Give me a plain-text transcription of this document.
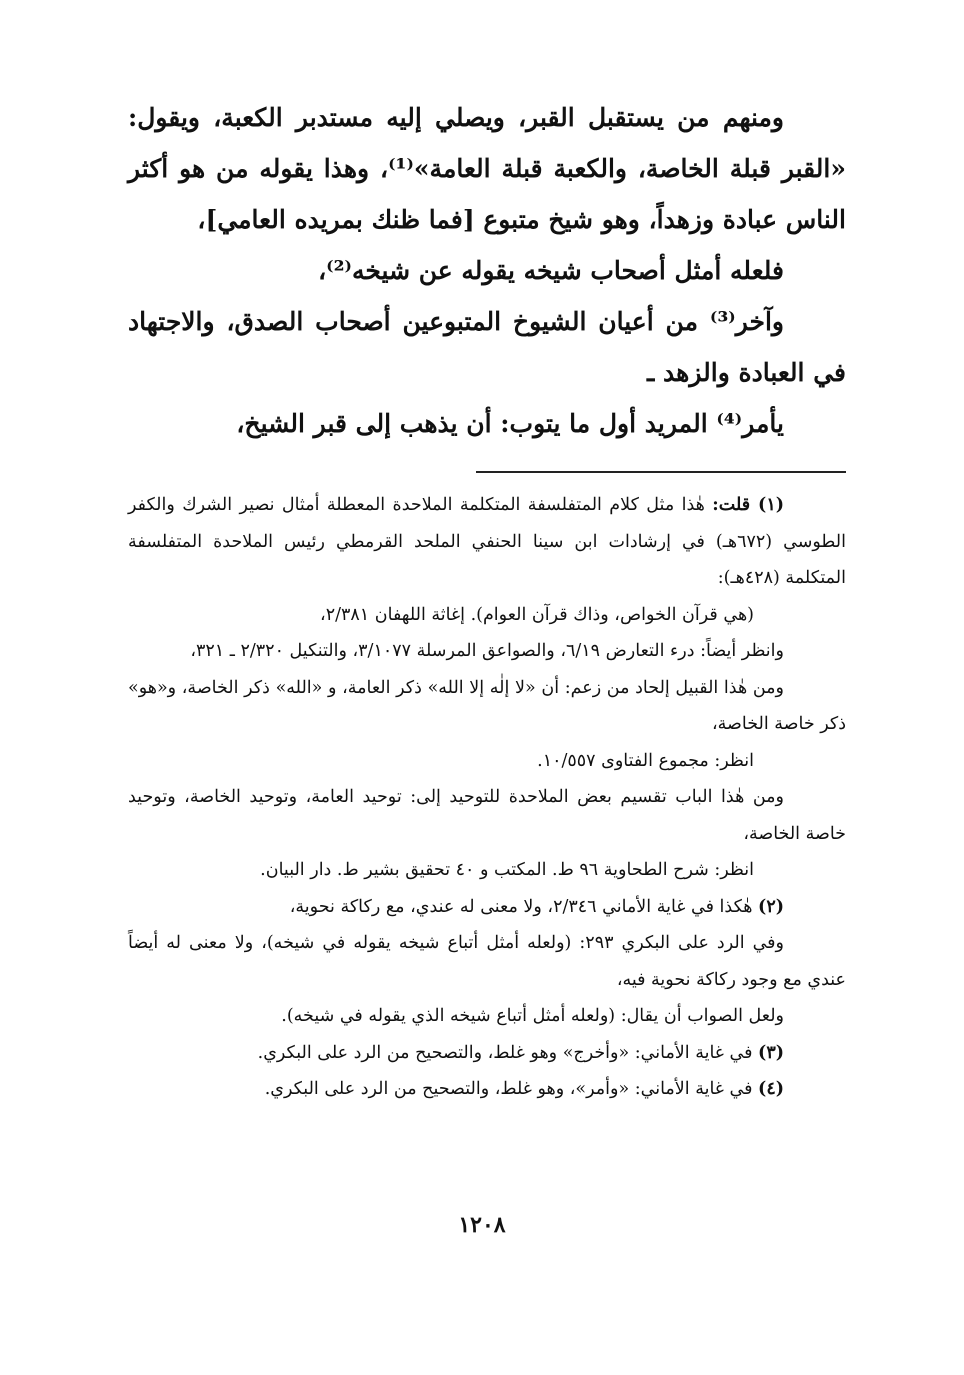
ومنهم من يستقبل القبر، ويصلي إليه مستدبر الكعبة، ويقول: «القبر قبلة الخاصة، والكعبة قبلة العامة»⁽¹⁾، وهذا يقوله من هو أكثر الناس عبادة وزهداً، وهو شيخ متبوع [فما ظنك بمريده العامي]،

فلعله أمثل أصحاب شيخه يقوله عن شيخه⁽²⁾،

وآخر⁽³⁾ من أعيان الشيوخ المتبوعين أصحاب الصدق، والاجتهاد في العبادة والزهد ـ

يأمر⁽⁴⁾ المريد أول ما يتوب: أن يذهب إلى قبر الشيخ،

(١) قلت: هٰذا مثل كلام المتفلسفة المتكلمة الملاحدة المعطلة أمثال نصير الشرك والكفر الطوسي (٦٧٢هـ) في إرشادات ابن سينا الحنفي الملحد القرمطي رئيس الملاحدة المتفلسفة المتكلمة (٤٢٨هـ):

(هي قرآن الخواص، وذاك قرآن العوام). إغاثة اللهفان ٢/٣٨١،

وانظر أيضاً: درء التعارض ٦/١٩، والصواعق المرسلة ٣/١٠٧٧، والتنكيل ٢/٣٢٠ ـ ٣٢١،

ومن هٰذا القبيل إلحاد من زعم: أن «لا إلٰه إلا الله» ذكر العامة، و «الله» ذكر الخاصة، و«هو» ذكر خاصة الخاصة،

انظر: مجموع الفتاوى ١٠/٥٥٧.

ومن هٰذا الباب تقسيم بعض الملاحدة للتوحيد إلى: توحيد العامة، وتوحيد الخاصة، وتوحيد خاصة الخاصة،

انظر: شرح الطحاوية ٩٦ ط. المكتب و ٤٠ تحقيق بشير ط. دار البيان.

(٢) هٰكذا في غاية الأماني ٢/٣٤٦، ولا معنى له عندي، مع ركاكة نحوية،

وفي الرد على البكري ٢٩٣: (ولعله أمثل أتباع شيخه يقوله في شيخه)، ولا معنى له أيضاً عندي مع وجود ركاكة نحوية فيه،

ولعل الصواب أن يقال: (ولعله أمثل أتباع شيخه الذي يقوله في شيخه).

(٣) في غاية الأماني: «وأخرج» وهو غلط، والتصحيح من الرد على البكري.

(٤) في غاية الأماني: «وأمر»، وهو غلط، والتصحيح من الرد على البكري.

١٢٠٨
